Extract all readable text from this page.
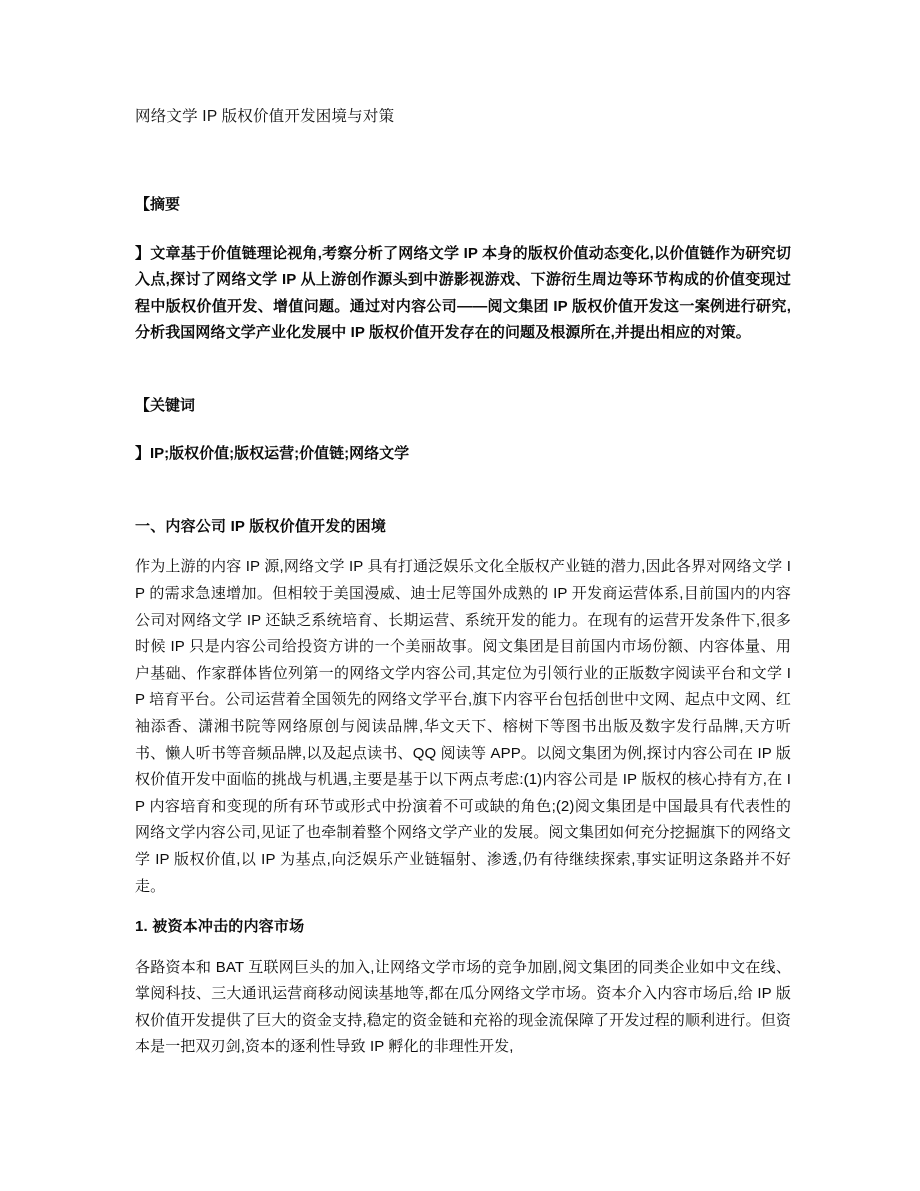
网络文学 IP 版权价值开发困境与对策

【摘要

】文章基于价值链理论视角,考察分析了网络文学 IP 本身的版权价值动态变化,以价值链作为研究切入点,探讨了网络文学 IP 从上游创作源头到中游影视游戏、下游衍生周边等环节构成的价值变现过程中版权价值开发、增值问题。通过对内容公司——阅文集团 IP 版权价值开发这一案例进行研究,分析我国网络文学产业化发展中 IP 版权价值开发存在的问题及根源所在,并提出相应的对策。

【关键词

】IP;版权价值;版权运营;价值链;网络文学

一、内容公司 IP 版权价值开发的困境

作为上游的内容 IP 源,网络文学 IP 具有打通泛娱乐文化全版权产业链的潜力,因此各界对网络文学 IP 的需求急速增加。但相较于美国漫威、迪士尼等国外成熟的 IP 开发商运营体系,目前国内的内容公司对网络文学 IP 还缺乏系统培育、长期运营、系统开发的能力。在现有的运营开发条件下,很多时候 IP 只是内容公司给投资方讲的一个美丽故事。阅文集团是目前国内市场份额、内容体量、用户基础、作家群体皆位列第一的网络文学内容公司,其定位为引领行业的正版数字阅读平台和文学 IP 培育平台。公司运营着全国领先的网络文学平台,旗下内容平台包括创世中文网、起点中文网、红袖添香、潇湘书院等网络原创与阅读品牌,华文天下、榕树下等图书出版及数字发行品牌,天方听书、懒人听书等音频品牌,以及起点读书、QQ 阅读等 APP。以阅文集团为例,探讨内容公司在 IP 版权价值开发中面临的挑战与机遇,主要是基于以下两点考虑:(1)内容公司是 IP 版权的核心持有方,在 IP 内容培育和变现的所有环节或形式中扮演着不可或缺的角色;(2)阅文集团是中国最具有代表性的网络文学内容公司,见证了也牵制着整个网络文学产业的发展。阅文集团如何充分挖掘旗下的网络文学 IP 版权价值,以 IP 为基点,向泛娱乐产业链辐射、渗透,仍有待继续探索,事实证明这条路并不好走。

1. 被资本冲击的内容市场

各路资本和 BAT 互联网巨头的加入,让网络文学市场的竞争加剧,阅文集团的同类企业如中文在线、掌阅科技、三大通讯运营商移动阅读基地等,都在瓜分网络文学市场。资本介入内容市场后,给 IP 版权价值开发提供了巨大的资金支持,稳定的资金链和充裕的现金流保障了开发过程的顺利进行。但资本是一把双刃剑,资本的逐利性导致 IP 孵化的非理性开发,
